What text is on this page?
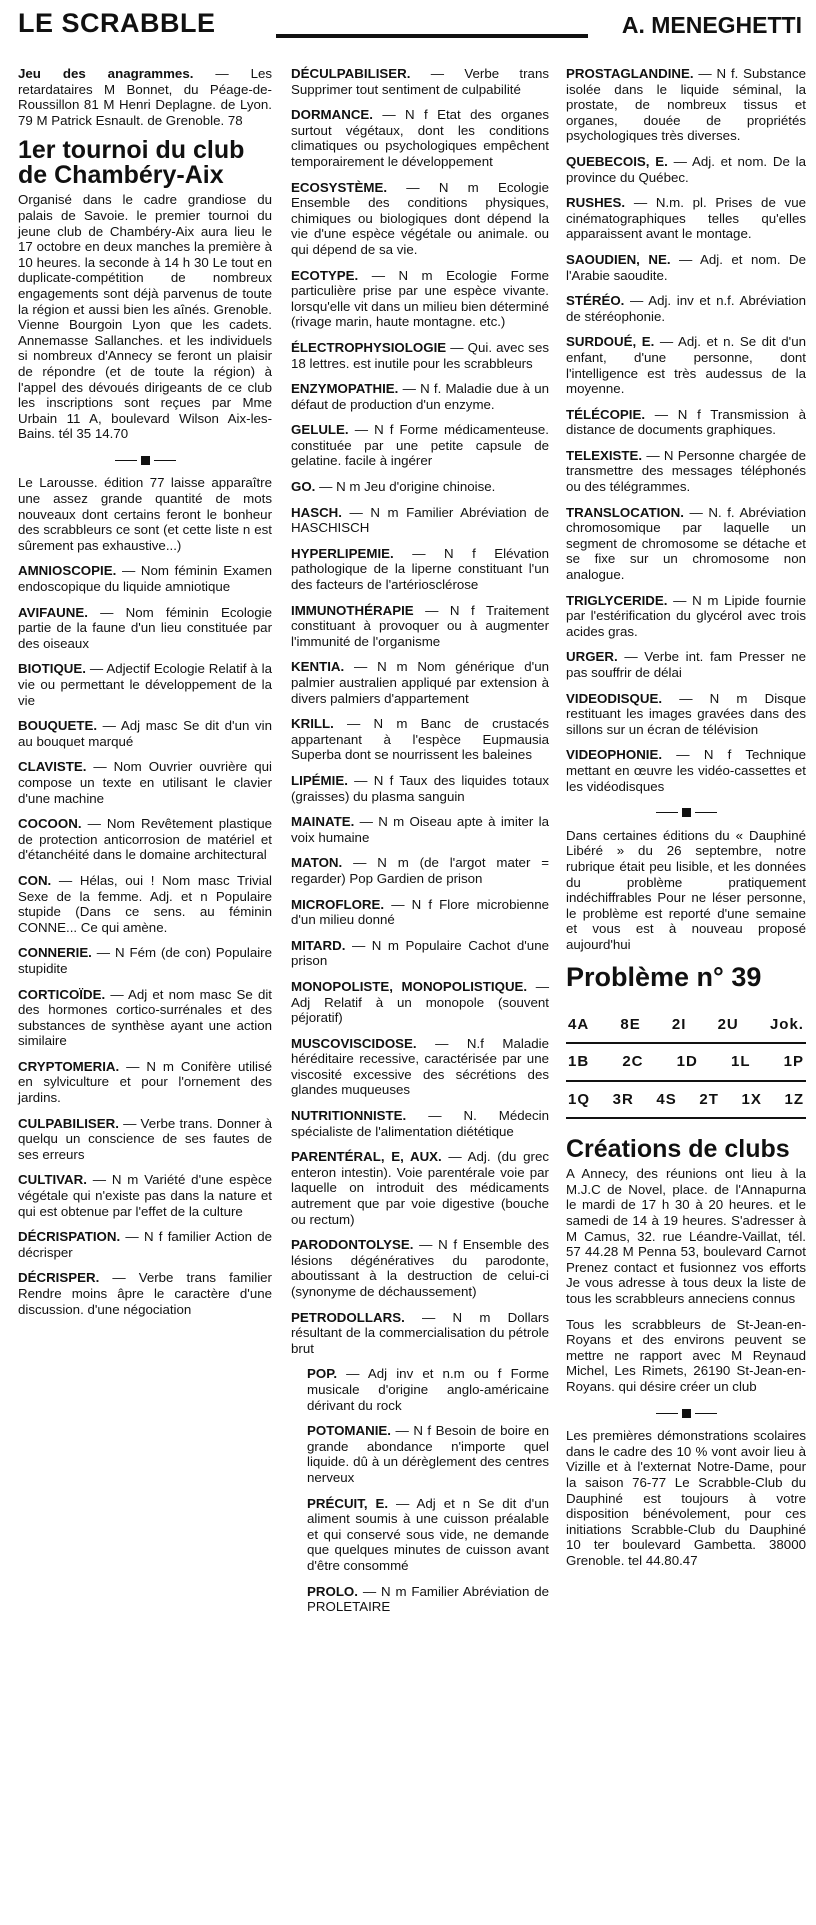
LE SCRABBLE	A. MENEGHETTI

Jeu des anagrammes. — Les retardataires M Bonnet, du Péage-de-Roussillon 81 M Henri Deplagne. de Lyon. 79 M Patrick Esnault. de Grenoble. 78

1er tournoi du club de Chambéry-Aix

Organisé dans le cadre grandiose du palais de Savoie. le premier tournoi du jeune club de Chambéry-Aix aura lieu le 17 octobre en deux manches la première à 10 heures. la seconde à 14 h 30 Le tout en duplicate-compétition de nombreux engagements sont déjà parvenus de toute la région et aussi bien les aînés. Grenoble. Vienne Bourgoin Lyon que les cadets. Annemasse Sallanches. et les individuels si nombreux d'Annecy se feront un plaisir de répondre (et de toute la région) à l'appel des dévoués dirigeants de ce club les inscriptions sont reçues par Mme Urbain 11 A, boulevard Wilson Aix-les-Bains. tél 35 14.70

Le Larousse. édition 77 laisse apparaître une assez grande quantité de mots nouveaux dont certains feront le bonheur des scrabbleurs ce sont (et cette liste n est sûrement pas exhaustive...)

AMNIOSCOPIE. — Nom féminin Examen endoscopique du liquide amniotique

AVIFAUNE. — Nom féminin Ecologie partie de la faune d'un lieu constituée par des oiseaux

BIOTIQUE. — Adjectif Ecologie Relatif à la vie ou permettant le développement de la vie

BOUQUETE. — Adj masc Se dit d'un vin au bouquet marqué

CLAVISTE. — Nom Ouvrier ouvrière qui compose un texte en utilisant le clavier d'une machine

COCOON. — Nom Revêtement plastique de protection anticorrosion de matériel et d'étanchéité dans le domaine architectural

CON. — Hélas, oui ! Nom masc Trivial Sexe de la femme. Adj. et n Populaire stupide (Dans ce sens. au féminin CONNE... Ce qui amène.

CONNERIE. — N Fém (de con) Populaire stupidite

CORTICOÏDE. — Adj et nom masc Se dit des hormones cortico-surrénales et des substances de synthèse ayant une action similaire

CRYPTOMERIA. — N m Conifère utilisé en sylviculture et pour l'ornement des jardins.

CULPABILISER. — Verbe trans. Donner à quelqu un conscience de ses fautes de ses erreurs

CULTIVAR. — N m Variété d'une espèce végétale qui n'existe pas dans la nature et qui est obtenue par l'effet de la culture

DÉCRISPATION. — N f familier Action de décrisper

DÉCRISPER. — Verbe trans familier Rendre moins âpre le caractère d'une discussion. d'une négociation

DÉCULPABILISER. — Verbe trans Supprimer tout sentiment de culpabilité

DORMANCE. — N f Etat des organes surtout végétaux, dont les conditions climatiques ou psychologiques empêchent temporairement le développement

ECOSYSTÈME. — N m Ecologie Ensemble des conditions physiques, chimiques ou biologiques dont dépend la vie d'une espèce végétale ou animale. ou qui dépend de sa vie.

ECOTYPE. — N m Ecologie Forme particulière prise par une espèce vivante. lorsqu'elle vit dans un milieu bien déterminé (rivage marin, haute montagne. etc.)

ÉLECTROPHYSIOLOGIE — Qui. avec ses 18 lettres. est inutile pour les scrabbleurs

ENZYMOPATHIE. — N f. Maladie due à un défaut de production d'un enzyme.

GELULE. — N f Forme médicamenteuse. constituée par une petite capsule de gelatine. facile à ingérer

GO. — N m Jeu d'origine chinoise.

HASCH. — N m Familier Abréviation de HASCHISCH

HYPERLIPEMIE. — N f Elévation pathologique de la liperne constituant l'un des facteurs de l'artériosclérose

IMMUNOTHÉRAPIE — N f Traitement constituant à provoquer ou à augmenter l'immunité de l'organisme

KENTIA. — N m Nom générique d'un palmier australien appliqué par extension à divers palmiers d'appartement

KRILL. — N m Banc de crustacés appartenant à l'espèce Eupmausia Superba dont se nourrissent les baleines

LIPÉMIE. — N f Taux des liquides totaux (graisses) du plasma sanguin

MAINATE. — N m Oiseau apte à imiter la voix humaine

MATON. — N m (de l'argot mater = regarder) Pop Gardien de prison

MICROFLORE. — N f Flore microbienne d'un milieu donné

MITARD. — N m Populaire Cachot d'une prison

MONOPOLISTE, MONOPOLISTIQUE. — Adj Relatif à un monopole (souvent péjoratif)

MUSCOVISCIDOSE. — N.f Maladie héréditaire recessive, caractérisée par une viscosité excessive des sécrétions des glandes muqueuses

NUTRITIONNISTE. — N. Médecin spécialiste de l'alimentation diététique

PARENTÉRAL, E, AUX. — Adj. (du grec enteron intestin). Voie parentérale voie par laquelle on introduit des médicaments autrement que par voie digestive (bouche ou rectum)

PARODONTOLYSE. — N f Ensemble des lésions dégénératives du parodonte, aboutissant à la destruction de celui-ci (synonyme de déchaussement)

PETRODOLLARS. — N m Dollars résultant de la commercialisation du pétrole brut

POP. — Adj inv et n.m ou f Forme musicale d'origine anglo-américaine dérivant du rock

POTOMANIE. — N f Besoin de boire en grande abondance n'importe quel liquide. dû à un dérèglement des centres nerveux

PRÉCUIT, E. — Adj et n Se dit d'un aliment soumis à une cuisson préalable et qui conservé sous vide, ne demande que quelques minutes de cuisson avant d'être consommé

PROLO. — N m Familier Abréviation de PROLETAIRE

PROSTAGLANDINE. — N f. Substance isolée dans le liquide séminal, la prostate, de nombreux tissus et organes, douée de propriétés psychologiques très diverses.

QUEBECOIS, E. — Adj. et nom. De la province du Québec.

RUSHES. — N.m. pl. Prises de vue cinématographiques telles qu'elles apparaissent avant le montage.

SAOUDIEN, NE. — Adj. et nom. De l'Arabie saoudite.

STÉRÉO. — Adj. inv et n.f. Abréviation de stéréophonie.

SURDOUÉ, E. — Adj. et n. Se dit d'un enfant, d'une personne, dont l'intelligence est très audessus de la moyenne.

TÉLÉCOPIE. — N f Transmission à distance de documents graphiques.

TELEXISTE. — N Personne chargée de transmettre des messages téléphonés ou des télégrammes.

TRANSLOCATION. — N. f. Abréviation chromosomique par laquelle un segment de chromosome se détache et se fixe sur un chromosome non analogue.

TRIGLYCERIDE. — N m Lipide fournie par l'estérification du glycérol avec trois acides gras.

URGER. — Verbe int. fam Presser ne pas souffrir de délai

VIDEODISQUE. — N m Disque restituant les images gravées dans des sillons sur un écran de télévision

VIDEOPHONIE. — N f Technique mettant en œuvre les vidéo-cassettes et les vidéodisques

Dans certaines éditions du « Dauphiné Libéré » du 26 septembre, notre rubrique était peu lisible, et les données du problème pratiquement indéchiffrables Pour ne léser personne, le problème est reporté d'une semaine et vous est à nouveau proposé aujourd'hui

Problème n° 39
4A 8E 2I 2U Jok.
1B 2C 1D 1L 1P
1Q 3R 4S 2T 1X 1Z
Créations de clubs

A Annecy, des réunions ont lieu à la M.J.C de Novel, place. de l'Annapurna le mardi de 17 h 30 à 20 heures. et le samedi de 14 à 19 heures. S'adresser à M Camus, 32. rue Léandre-Vaillat, tél. 57 44.28 M Penna 53, boulevard Carnot Prenez contact et fusionnez vos efforts Je vous adresse à tous deux la liste de tous les scrabbleurs anneciens connus

Tous les scrabbleurs de St-Jean-en-Royans et des environs peuvent se mettre ne rapport avec M Reynaud Michel, Les Rimets, 26190 St-Jean-en-Royans. qui désire créer un club

Les premières démonstrations scolaires dans le cadre des 10 % vont avoir lieu à Vizille et à l'externat Notre-Dame, pour la saison 76-77 Le Scrabble-Club du Dauphiné est toujours à votre disposition bénévolement, pour ces initiations Scrabble-Club du Dauphiné 10 ter boulevard Gambetta. 38000 Grenoble. tel 44.80.47
